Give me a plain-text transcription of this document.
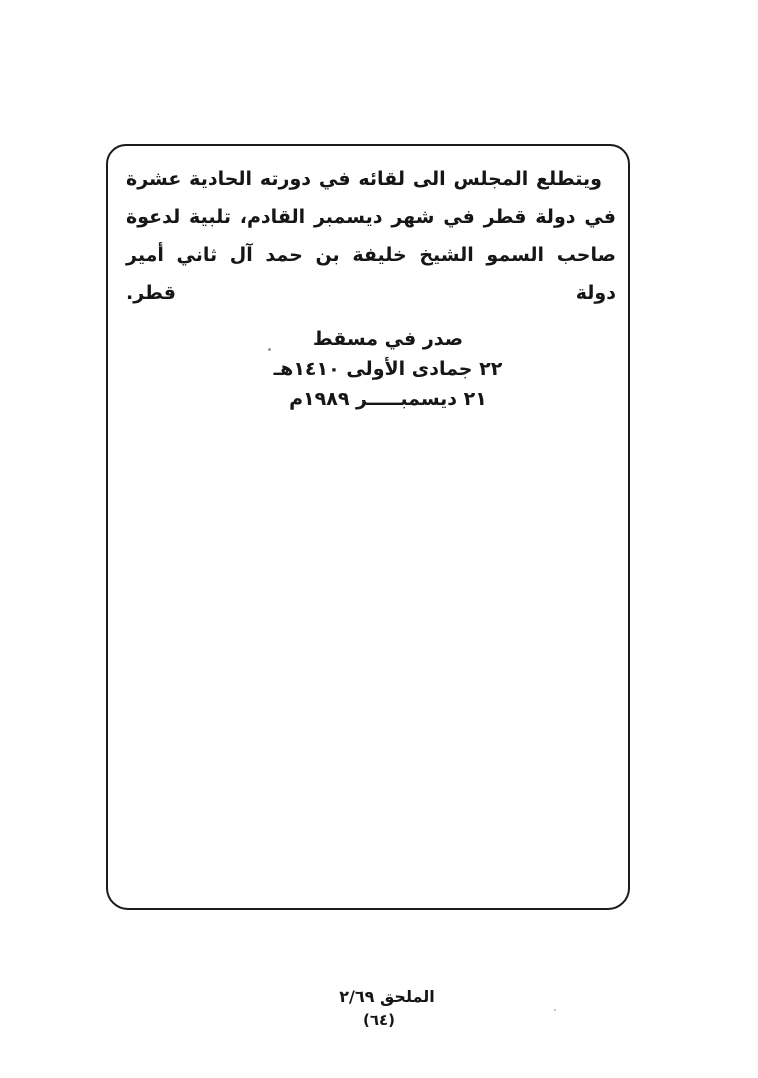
ويتطلع المجلس الى لقائه في دورته الحادية عشرة في دولة قطر في شهر ديسمبر القادم، تلبية لدعوة صاحب السمو الشيخ خليفة بن حمد آل ثاني أمير دولة قطر.

صدر في مسقط
٢٢ جمادى الأولى ١٤١٠هـ
٢١ ديسمبـــــر ١٩٨٩م
الملحق ٢/٦٩
(٦٤)
